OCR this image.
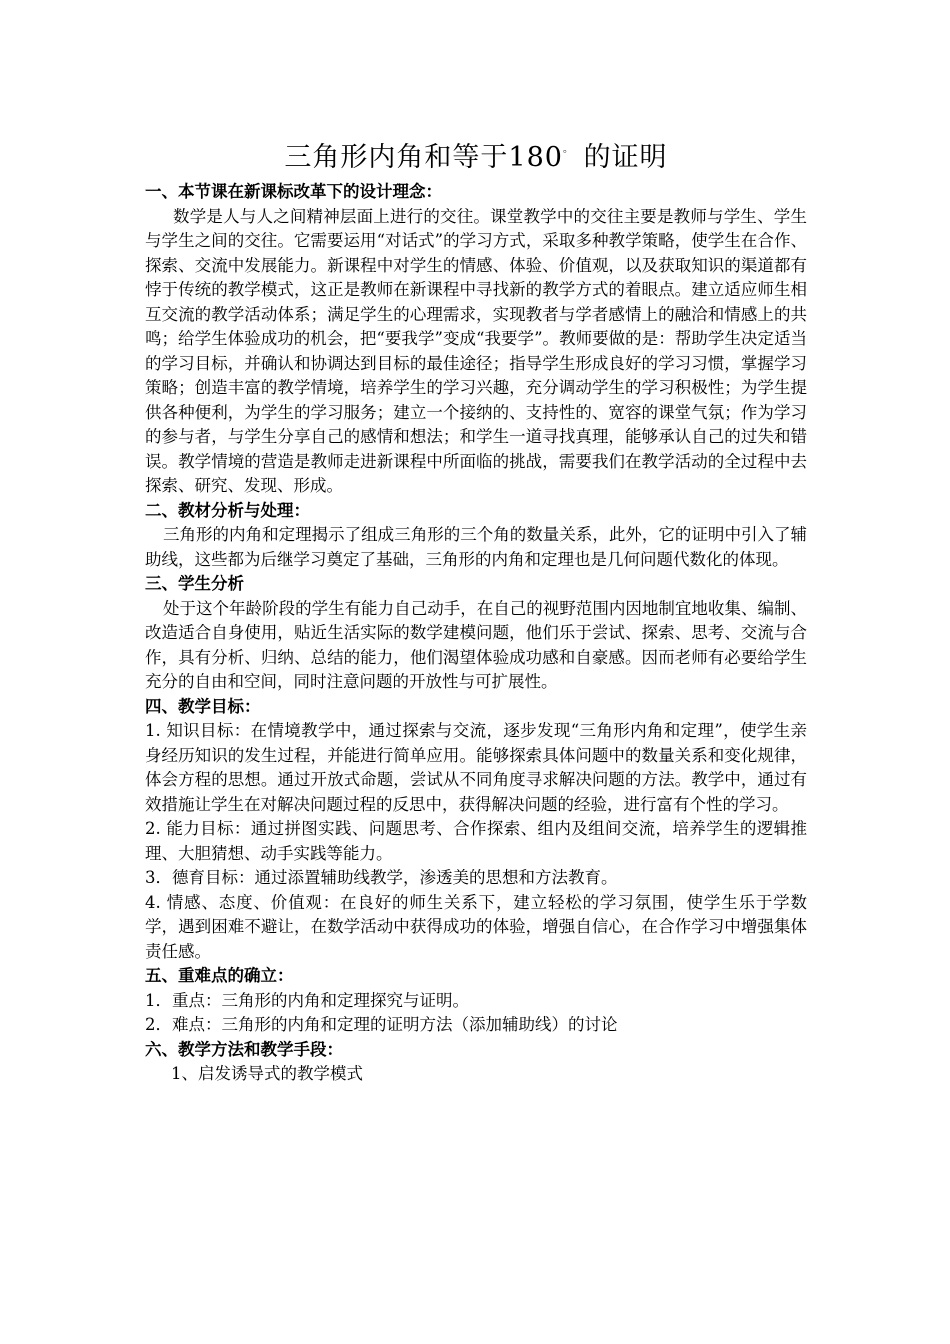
三角形内角和等于180。 的证明
一、本节课在新课标改革下的设计理念：

数学是人与人之间精神层面上进行的交往。课堂教学中的交往主要是教师与学生、学生与学生之间的交往。它需要运用“对话式”的学习方式，采取多种教学策略，使学生在合作、探索、交流中发展能力。新课程中对学生的情感、体验、价值观，以及获取知识的渠道都有悖于传统的教学模式，这正是教师在新课程中寻找新的教学方式的着眼点。建立适应师生相互交流的教学活动体系；满足学生的心理需求，实现教者与学者感情上的融洽和情感上的共鸣；给学生体验成功的机会，把“要我学”变成“我要学”。教师要做的是：帮助学生决定适当的学习目标，并确认和协调达到目标的最佳途径；指导学生形成良好的学习习惯，掌握学习策略；创造丰富的教学情境，培养学生的学习兴趣，充分调动学生的学习积极性；为学生提供各种便利，为学生的学习服务；建立一个接纳的、支持性的、宽容的课堂气氛；作为学习的参与者，与学生分享自己的感情和想法；和学生一道寻找真理，能够承认自己的过失和错误。教学情境的营造是教师走进新课程中所面临的挑战，需要我们在教学活动的全过程中去探索、研究、发现、形成。

二、教材分析与处理：

三角形的内角和定理揭示了组成三角形的三个角的数量关系，此外，它的证明中引入了辅助线，这些都为后继学习奠定了基础，三角形的内角和定理也是几何问题代数化的体现。

三、学生分析

处于这个年龄阶段的学生有能力自己动手，在自己的视野范围内因地制宜地收集、编制、改造适合自身使用，贴近生活实际的数学建模问题，他们乐于尝试、探索、思考、交流与合作，具有分析、归纳、总结的能力，他们渴望体验成功感和自豪感。因而老师有必要给学生充分的自由和空间，同时注意问题的开放性与可扩展性。

四、教学目标：

1. 知识目标：在情境教学中，通过探索与交流，逐步发现“三角形内角和定理”，使学生亲身经历知识的发生过程，并能进行简单应用。能够探索具体问题中的数量关系和变化规律，体会方程的思想。通过开放式命题，尝试从不同角度寻求解决问题的方法。教学中，通过有效措施让学生在对解决问题过程的反思中，获得解决问题的经验，进行富有个性的学习。

2. 能力目标：通过拼图实践、问题思考、合作探索、组内及组间交流，培养学生的逻辑推理、大胆猜想、动手实践等能力。

3．德育目标：通过添置辅助线教学，渗透美的思想和方法教育。

4. 情感、态度、价值观：在良好的师生关系下，建立轻松的学习氛围，使学生乐于学数学，遇到困难不避让，在数学活动中获得成功的体验，增强自信心，在合作学习中增强集体责任感。

五、重难点的确立：

1．重点：三角形的内角和定理探究与证明。

2．难点：三角形的内角和定理的证明方法（添加辅助线）的讨论

六、教学方法和教学手段：

1、启发诱导式的教学模式
